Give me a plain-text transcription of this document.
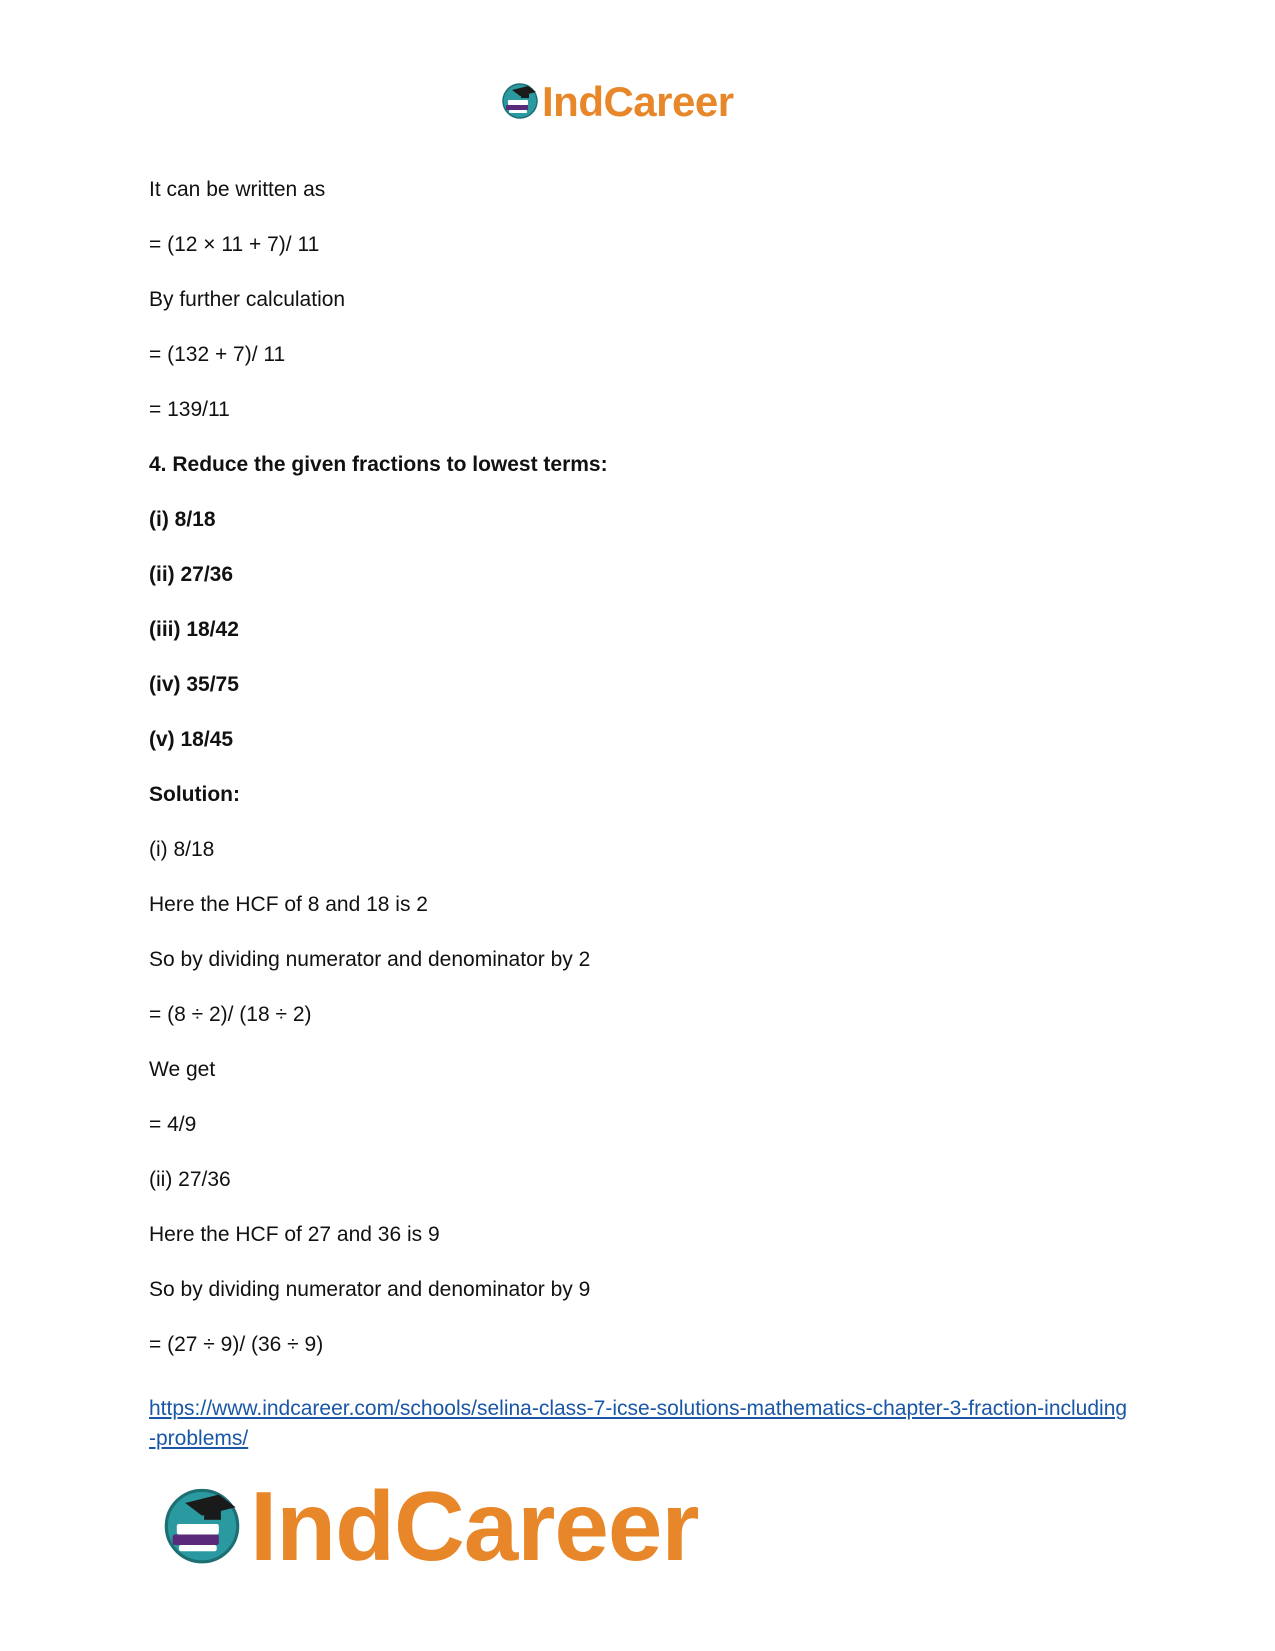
IndCareer
It can be written as
= (12 × 11 + 7)/ 11
By further calculation
= (132 + 7)/ 11
= 139/11
4. Reduce the given fractions to lowest terms:
(i) 8/18
(ii) 27/36
(iii) 18/42
(iv) 35/75
(v) 18/45
Solution:
(i) 8/18
Here the HCF of 8 and 18 is 2
So by dividing numerator and denominator by 2
= (8 ÷ 2)/ (18 ÷ 2)
We get
= 4/9
(ii) 27/36
Here the HCF of 27 and 36 is 9
So by dividing numerator and denominator by 9
= (27 ÷ 9)/ (36 ÷ 9)
https://www.indcareer.com/schools/selina-class-7-icse-solutions-mathematics-chapter-3-fraction-including-problems/
IndCareer
